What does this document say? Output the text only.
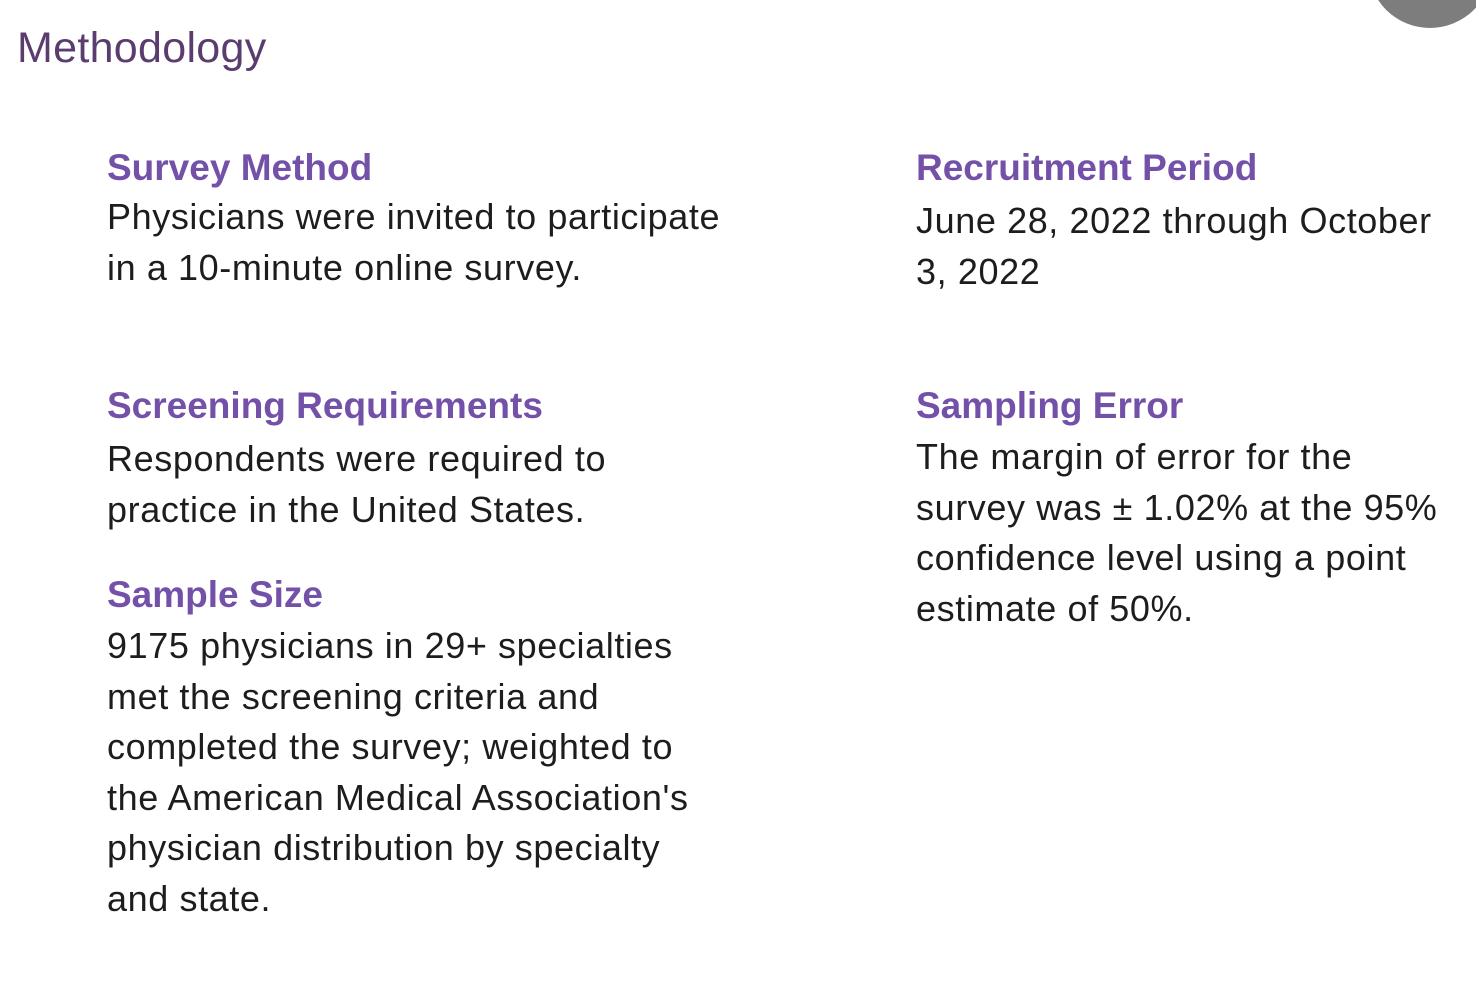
Methodology
Survey Method

Physicians were invited to participate in a 10-minute online survey.

Screening Requirements

Respondents were required to practice in the United States.

Sample Size

9175 physicians in 29+ specialties met the screening criteria and completed the survey; weighted to the American Medical Association's physician distribution by specialty and state.

Recruitment Period

June 28, 2022 through October 3, 2022

Sampling Error

The margin of error for the survey was ± 1.02% at the 95% confidence level using a point estimate of 50%.
